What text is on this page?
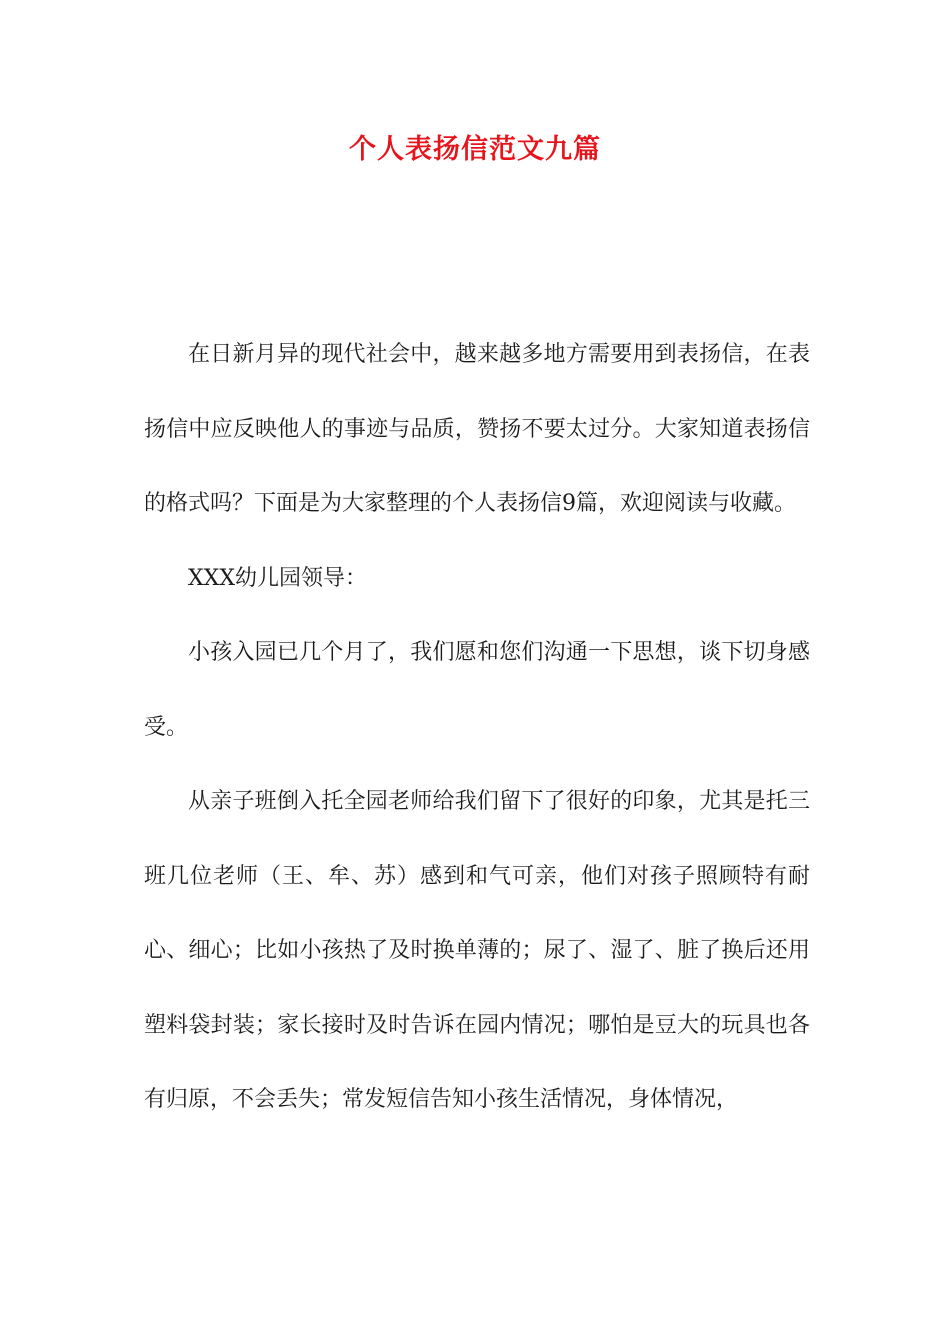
个人表扬信范文九篇

在日新月异的现代社会中，越来越多地方需要用到表扬信，在表扬信中应反映他人的事迹与品质，赞扬不要太过分。大家知道表扬信的格式吗？下面是为大家整理的个人表扬信9篇，欢迎阅读与收藏。

XXX幼儿园领导：

小孩入园已几个月了，我们愿和您们沟通一下思想，谈下切身感受。

从亲子班倒入托全园老师给我们留下了很好的印象，尤其是托三班几位老师（王、牟、苏）感到和气可亲，他们对孩子照顾特有耐心、细心；比如小孩热了及时换单薄的；尿了、湿了、脏了换后还用塑料袋封装；家长接时及时告诉在园内情况；哪怕是豆大的玩具也各有归原，不会丢失；常发短信告知小孩生活情况，身体情况，
